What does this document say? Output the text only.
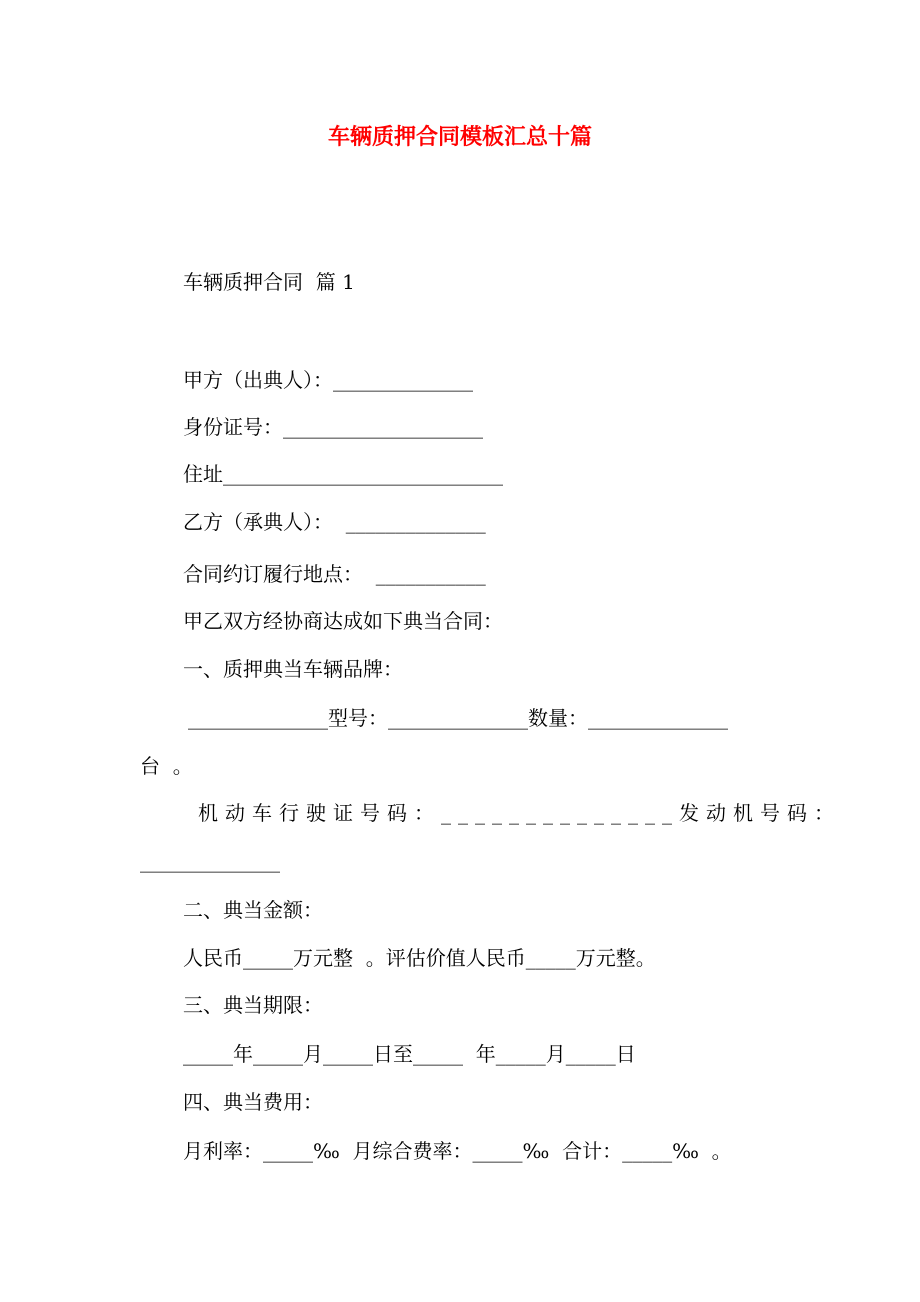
车辆质押合同模板汇总十篇
车辆质押合同  篇 1
甲方（出典人）：______________
身份证号：____________________
住址____________________________
乙方（承典人）：  ______________
合同约订履行地点：  ___________
甲乙双方经协商达成如下典当合同：
一、质押典当车辆品牌：
______________型号：______________数量：______________
台  。
机动车行驶证号码：______________发动机号码：
______________
二、典当金额：
人民币_____万元整  。评估价值人民币_____万元整。
三、典当期限：
_____年_____月_____日至_____  年_____月_____日
四、典当费用：
月利率：_____‰  月综合费率：_____‰  合计：_____‰  。
